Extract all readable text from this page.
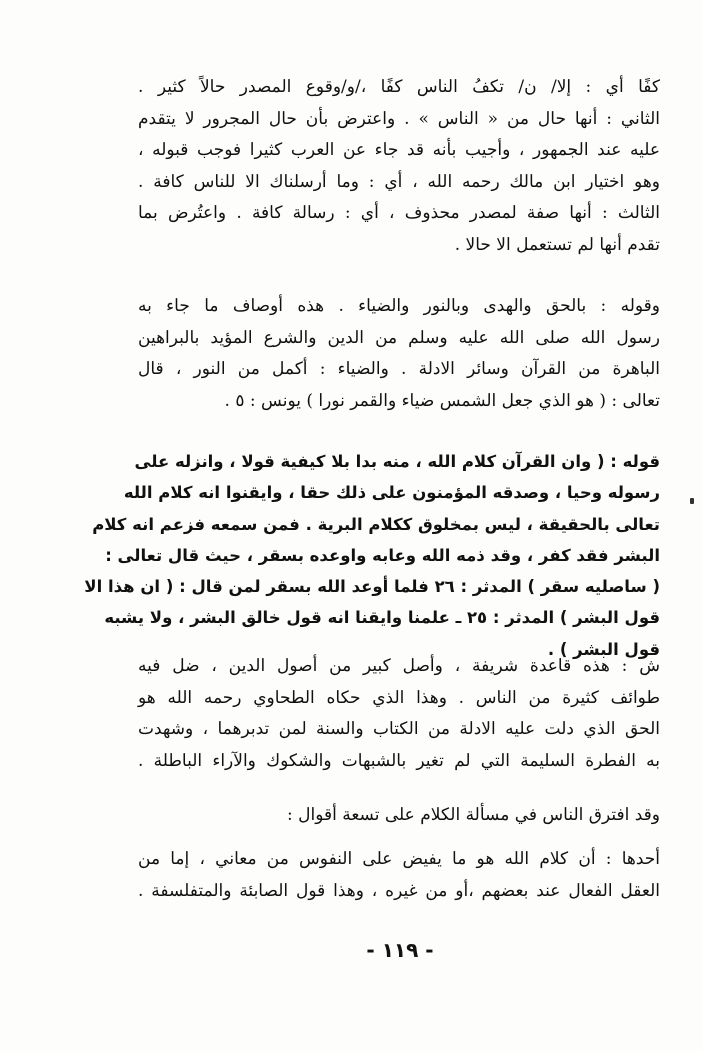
كفًا أي : إلا/ ن/ تكفُ الناس كفًا ،/و/وقوع المصدر حالاً كثير .
الثاني : أنها حال من « الناس » . واعترض بأن حال المجرور لا يتقدم
عليه عند الجمهور ، وأجيب بأنه قد جاء عن العرب كثيرا فوجب قبوله ،
وهو اختيار ابن مالك رحمه الله ، أي : وما أرسلناك الا للناس كافة .
الثالث : أنها صفة لمصدر محذوف ، أي : رسالة كافة . واعتُرض بما
تقدم أنها لم تستعمل الا حالا .
وقوله : بالحق والهدى وبالنور والضياء . هذه أوصاف ما جاء به
رسول الله صلى الله عليه وسلم من الدين والشرع المؤيد بالبراهين
الباهرة من القرآن وسائر الادلة . والضياء : أكمل من النور ، قال
تعالى : ( هو الذي جعل الشمس ضياء والقمر نورا ) يونس : ٥ .
قوله : ( وان القرآن كلام الله ، منه بدا بلا كيفية قولا ، وانزله على
رسوله وحيا ، وصدقه المؤمنون على ذلك حقا ، وايقنوا انه كلام الله
تعالى بالحقيقة ، ليس بمخلوق ككلام البرية . فمن سمعه فزعم انه كلام
البشر فقد كفر ، وقد ذمه الله وعابه واوعده بسقر ، حيث قال تعالى :
( ساصليه سقر ) المدثر : ٢٦ فلما أوعد الله بسقر لمن قال : ( ان هذا الا
قول البشر ) المدثر : ٢٥ ـ علمنا وايقنا انه قول خالق البشر ، ولا يشبه
قول البشر ) .
ش : هذه قاعدة شريفة ، وأصل كبير من أصول الدين ، ضل فيه
طوائف كثيرة من الناس . وهذا الذي حكاه الطحاوي رحمه الله هو
الحق الذي دلت عليه الادلة من الكتاب والسنة لمن تدبرهما ، وشهدت
به الفطرة السليمة التي لم تغير بالشبهات والشكوك والآراء الباطلة .
وقد افترق الناس في مسألة الكلام على تسعة أقوال :
أحدها : أن كلام الله هو ما يفيض على النفوس من معاني ، إما من
العقل الفعال عند بعضهم ،أو من غيره ، وهذا قول الصابئة والمتفلسفة .
- ١١٩ -
